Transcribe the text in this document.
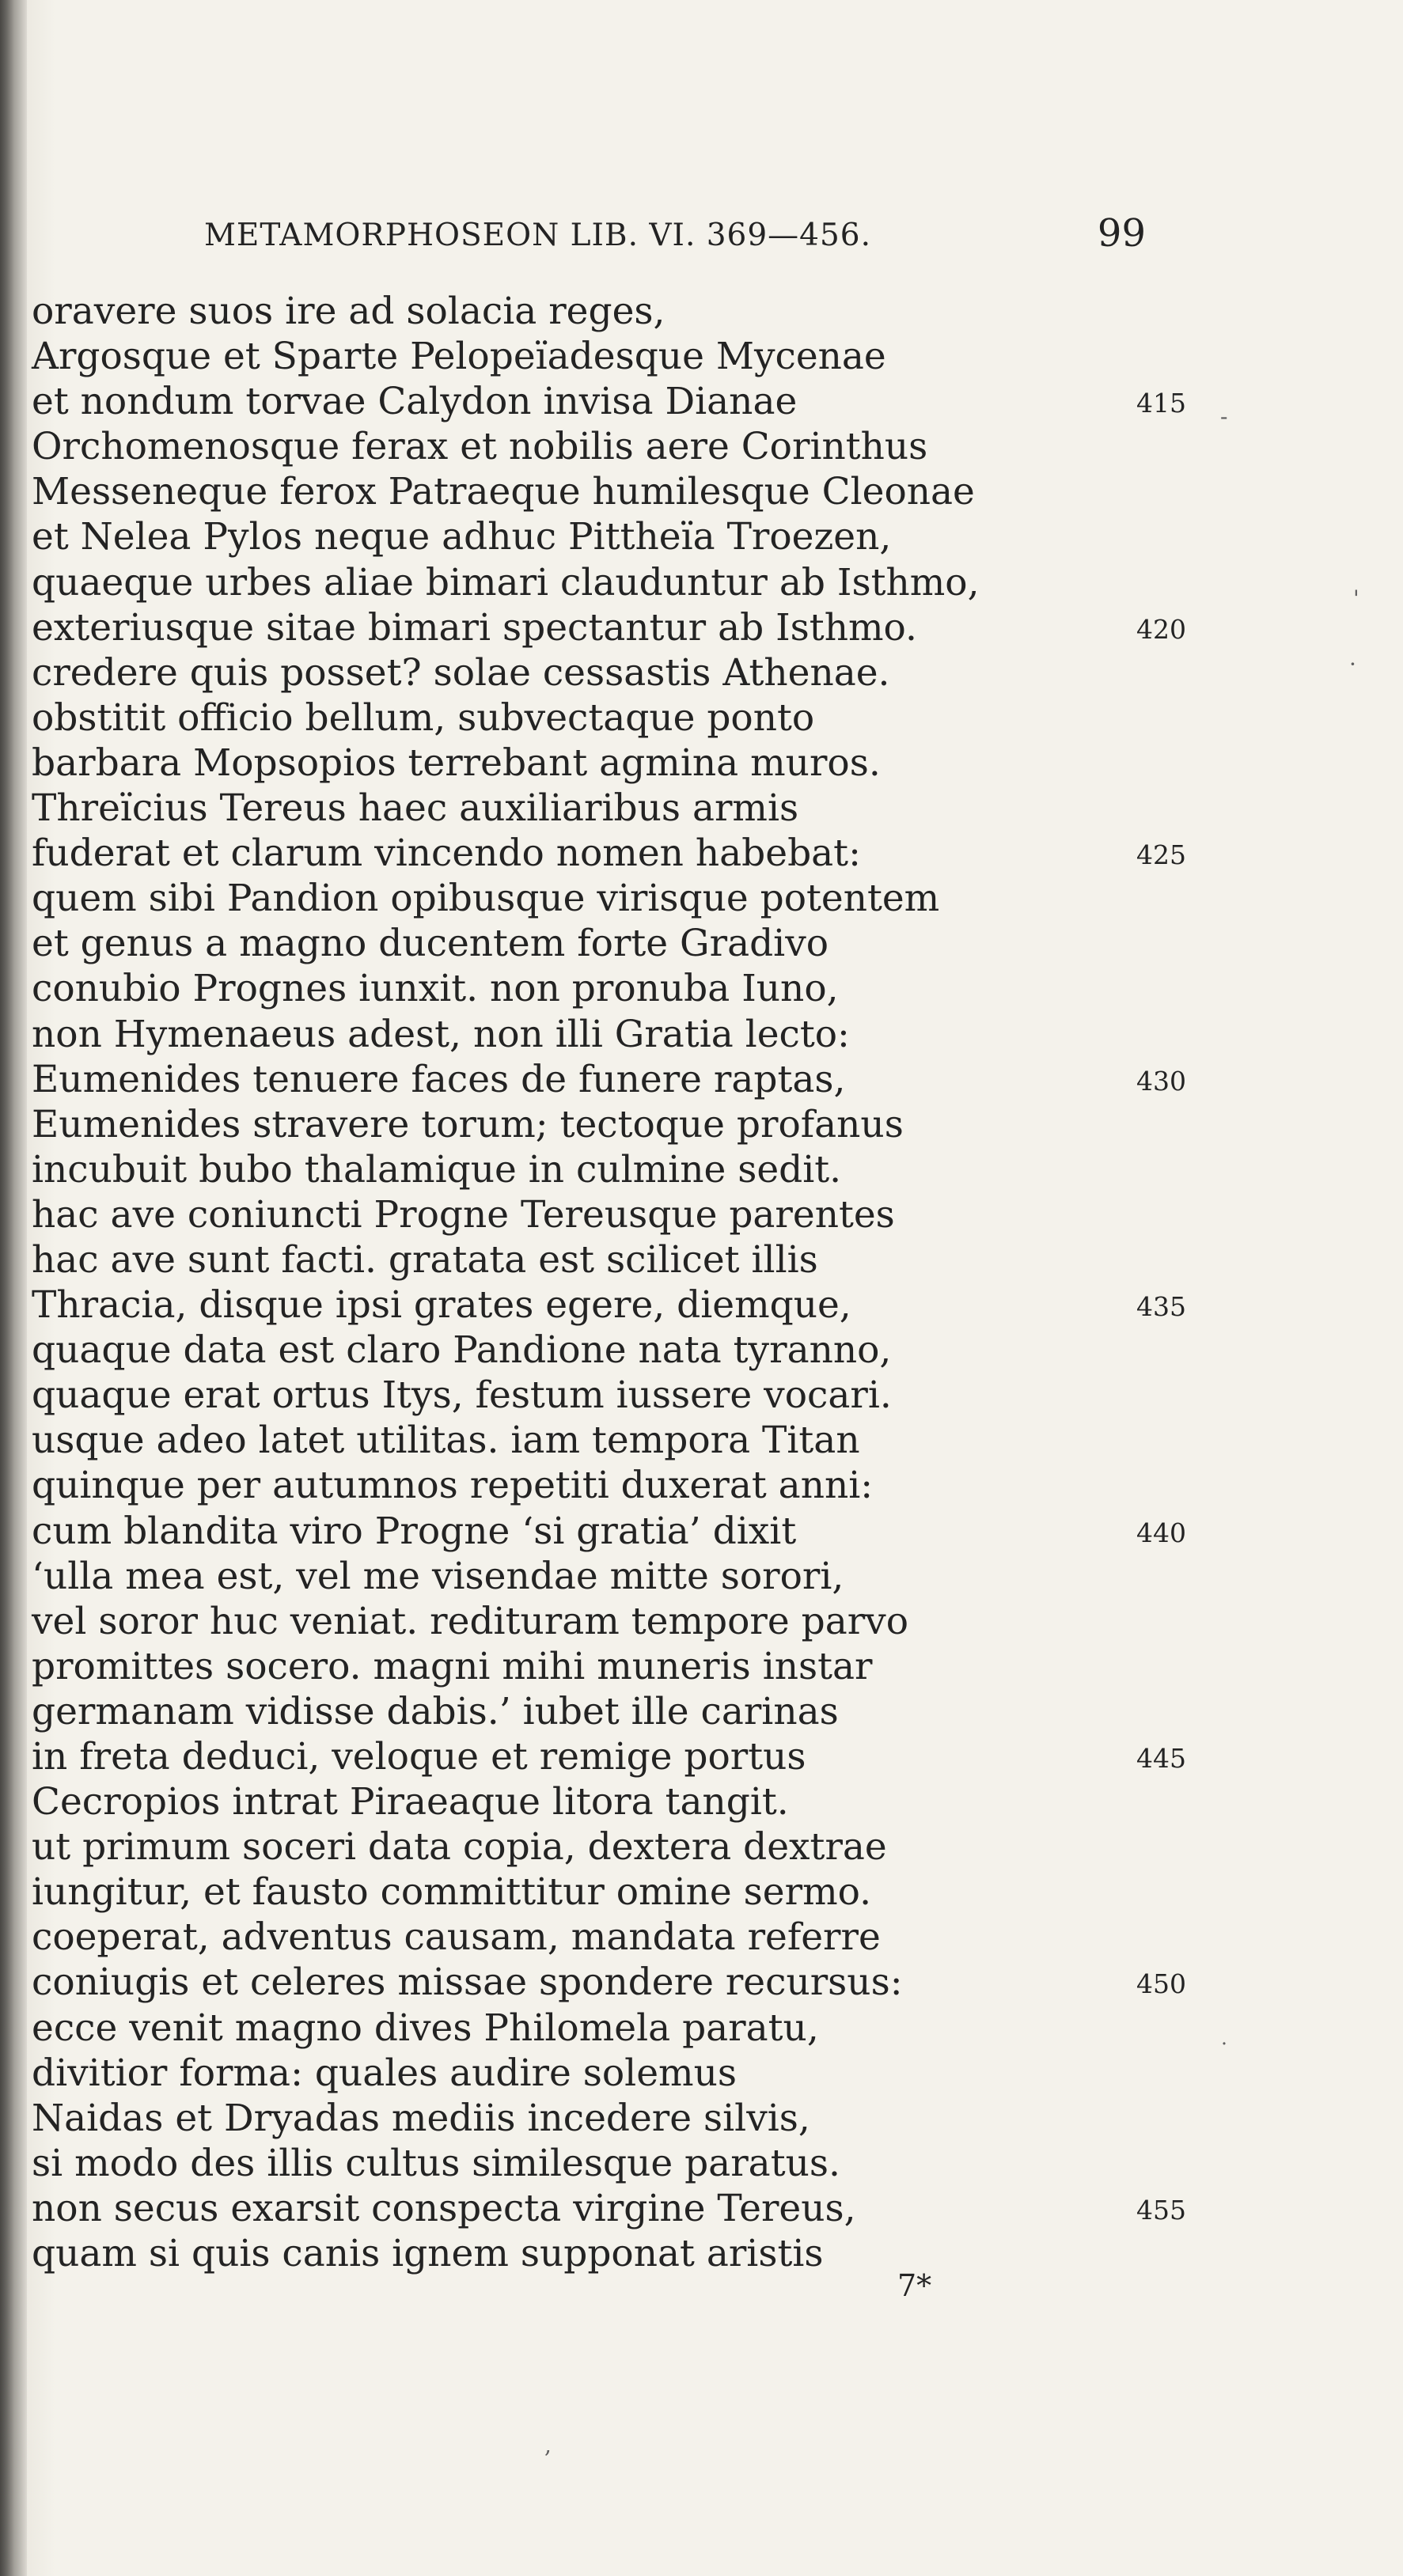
METAMORPHOSEON LIB. VI. 369—456.	99
oravere suos ire ad solacia reges,
Argosque et Sparte Pelopeïadesque Mycenae
et nondum torvae Calydon invisa Dianae	415
Orchomenosque ferax et nobilis aere Corinthus
Messeneque ferox Patraeque humilesque Cleonae
et Nelea Pylos neque adhuc Pittheïa Troezen,
quaeque urbes aliae bimari clauduntur ab Isthmo,
exteriusque sitae bimari spectantur ab Isthmo.	420
credere quis posset? solae cessastis Athenae.
obstitit officio bellum, subvectaque ponto
barbara Mopsopios terrebant agmina muros.
Threïcius Tereus haec auxiliaribus armis
fuderat et clarum vincendo nomen habebat:	425
quem sibi Pandion opibusque virisque potentem
et genus a magno ducentem forte Gradivo
conubio Prognes iunxit. non pronuba Iuno,
non Hymenaeus adest, non illi Gratia lecto:
Eumenides tenuere faces de funere raptas,	430
Eumenides stravere torum; tectoque profanus
incubuit bubo thalamique in culmine sedit.
hac ave coniuncti Progne Tereusque parentes
hac ave sunt facti. gratata est scilicet illis
Thracia, disque ipsi grates egere, diemque,	435
quaque data est claro Pandione nata tyranno,
quaque erat ortus Itys, festum iussere vocari.
usque adeo latet utilitas. iam tempora Titan
quinque per autumnos repetiti duxerat anni:
cum blandita viro Progne ‘si gratia’ dixit	440
‘ulla mea est, vel me visendae mitte sorori,
vel soror huc veniat. redituram tempore parvo
promittes socero. magni mihi muneris instar
germanam vidisse dabis.’ iubet ille carinas
in freta deduci, veloque et remige portus	445
Cecropios intrat Piraeaque litora tangit.
ut primum soceri data copia, dextera dextrae
iungitur, et fausto committitur omine sermo.
coeperat, adventus causam, mandata referre
coniugis et celeres missae spondere recursus:	450
ecce venit magno dives Philomela paratu,
divitior forma: quales audire solemus
Naidas et Dryadas mediis incedere silvis,
si modo des illis cultus similesque paratus.
non secus exarsit conspecta virgine Tereus,	455
quam si quis canis ignem supponat aristis
7*
'
·
-
˙
,
